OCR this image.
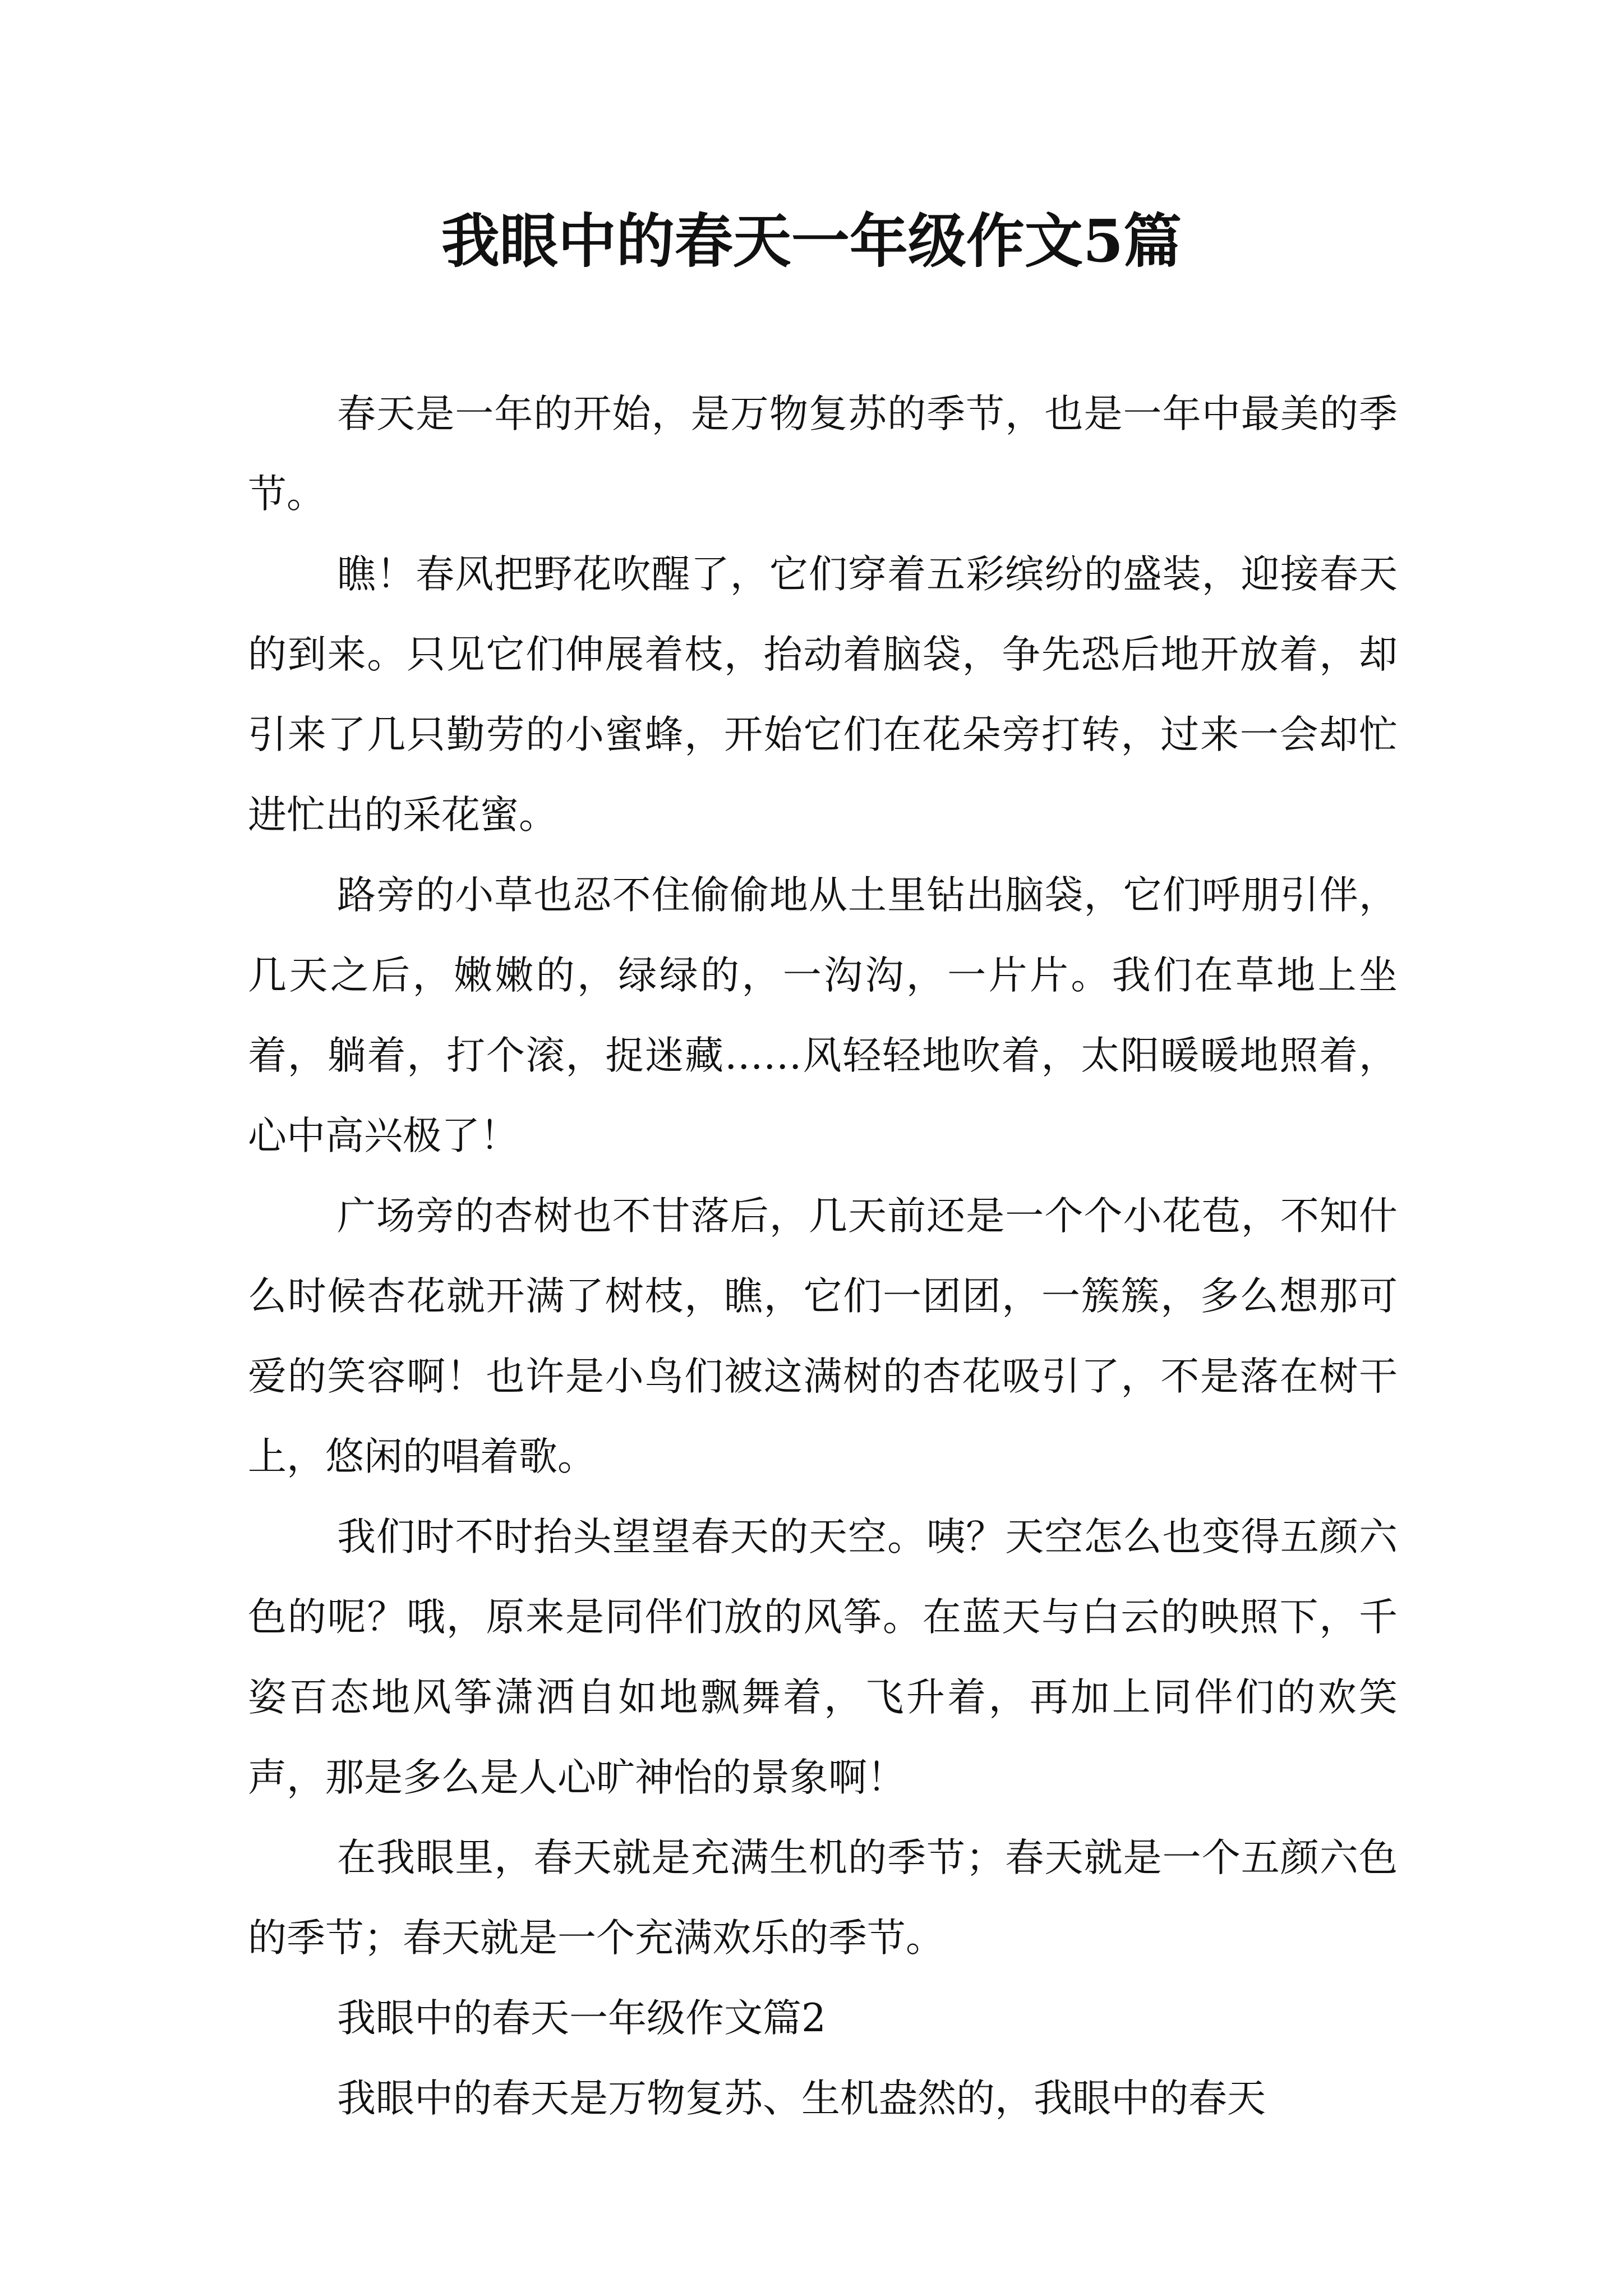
我眼中的春天一年级作文5篇

春天是一年的开始，是万物复苏的季节，也是一年中最美的季节。

瞧！春风把野花吹醒了，它们穿着五彩缤纷的盛装，迎接春天的到来。只见它们伸展着枝，抬动着脑袋，争先恐后地开放着，却引来了几只勤劳的小蜜蜂，开始它们在花朵旁打转，过来一会却忙进忙出的采花蜜。

路旁的小草也忍不住偷偷地从土里钻出脑袋，它们呼朋引伴，几天之后，嫩嫩的，绿绿的，一沟沟，一片片。我们在草地上坐着，躺着，打个滚，捉迷藏……风轻轻地吹着，太阳暖暖地照着，心中高兴极了！

广场旁的杏树也不甘落后，几天前还是一个个小花苞，不知什么时候杏花就开满了树枝，瞧，它们一团团，一簇簇，多么想那可爱的笑容啊！也许是小鸟们被这满树的杏花吸引了，不是落在树干上，悠闲的唱着歌。

我们时不时抬头望望春天的天空。咦？天空怎么也变得五颜六色的呢？哦，原来是同伴们放的风筝。在蓝天与白云的映照下，千姿百态地风筝潇洒自如地飘舞着，飞升着，再加上同伴们的欢笑声，那是多么是人心旷神怡的景象啊！

在我眼里，春天就是充满生机的季节；春天就是一个五颜六色的季节；春天就是一个充满欢乐的季节。

我眼中的春天一年级作文篇2

我眼中的春天是万物复苏、生机盎然的，我眼中的春天
